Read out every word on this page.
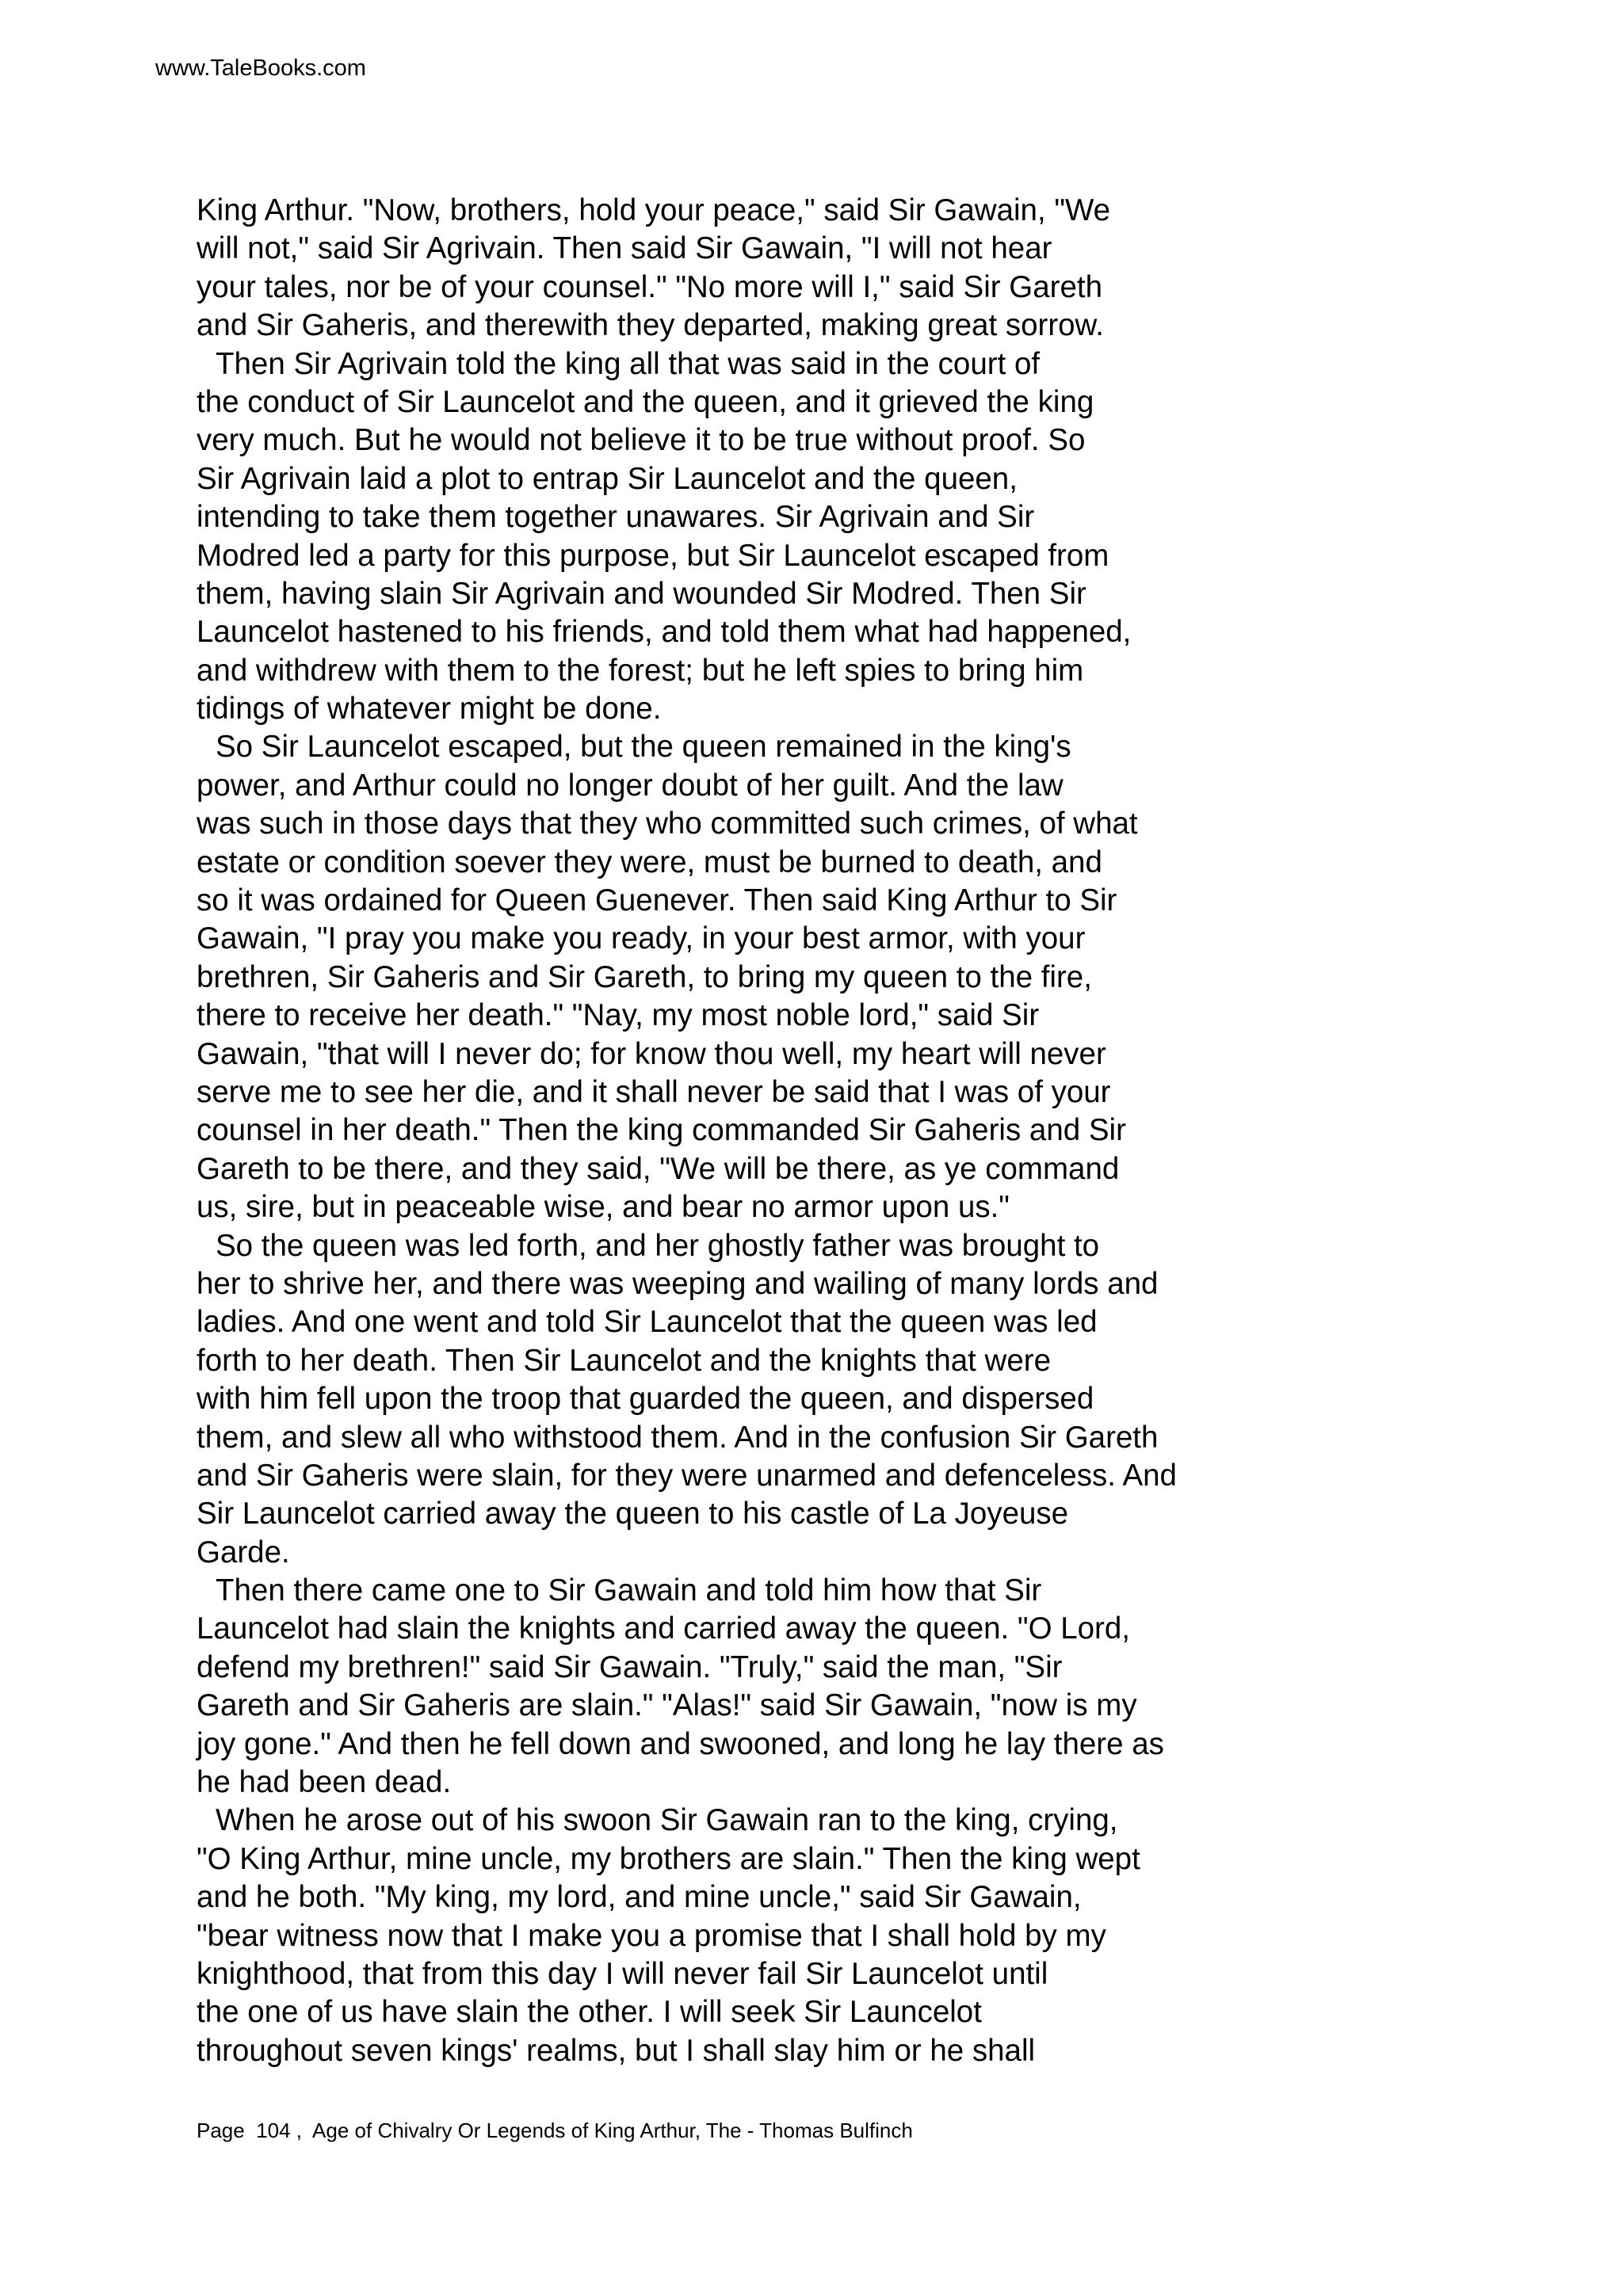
www.TaleBooks.com
King Arthur. "Now, brothers, hold your peace," said Sir Gawain, "We
will not," said Sir Agrivain. Then said Sir Gawain, "I will not hear
your tales, nor be of your counsel." "No more will I," said Sir Gareth
and Sir Gaheris, and therewith they departed, making great sorrow.
Then Sir Agrivain told the king all that was said in the court of
the conduct of Sir Launcelot and the queen, and it grieved the king
very much. But he would not believe it to be true without proof. So
Sir Agrivain laid a plot to entrap Sir Launcelot and the queen,
intending to take them together unawares. Sir Agrivain and Sir
Modred led a party for this purpose, but Sir Launcelot escaped from
them, having slain Sir Agrivain and wounded Sir Modred. Then Sir
Launcelot hastened to his friends, and told them what had happened,
and withdrew with them to the forest; but he left spies to bring him
tidings of whatever might be done.
So Sir Launcelot escaped, but the queen remained in the king's
power, and Arthur could no longer doubt of her guilt. And the law
was such in those days that they who committed such crimes, of what
estate or condition soever they were, must be burned to death, and
so it was ordained for Queen Guenever. Then said King Arthur to Sir
Gawain, "I pray you make you ready, in your best armor, with your
brethren, Sir Gaheris and Sir Gareth, to bring my queen to the fire,
there to receive her death." "Nay, my most noble lord," said Sir
Gawain, "that will I never do; for know thou well, my heart will never
serve me to see her die, and it shall never be said that I was of your
counsel in her death." Then the king commanded Sir Gaheris and Sir
Gareth to be there, and they said, "We will be there, as ye command
us, sire, but in peaceable wise, and bear no armor upon us."
So the queen was led forth, and her ghostly father was brought to
her to shrive her, and there was weeping and wailing of many lords and
ladies. And one went and told Sir Launcelot that the queen was led
forth to her death. Then Sir Launcelot and the knights that were
with him fell upon the troop that guarded the queen, and dispersed
them, and slew all who withstood them. And in the confusion Sir Gareth
and Sir Gaheris were slain, for they were unarmed and defenceless. And
Sir Launcelot carried away the queen to his castle of La Joyeuse
Garde.
Then there came one to Sir Gawain and told him how that Sir
Launcelot had slain the knights and carried away the queen. "O Lord,
defend my brethren!" said Sir Gawain. "Truly," said the man, "Sir
Gareth and Sir Gaheris are slain." "Alas!" said Sir Gawain, "now is my
joy gone." And then he fell down and swooned, and long he lay there as
he had been dead.
When he arose out of his swoon Sir Gawain ran to the king, crying,
"O King Arthur, mine uncle, my brothers are slain." Then the king wept
and he both. "My king, my lord, and mine uncle," said Sir Gawain,
"bear witness now that I make you a promise that I shall hold by my
knighthood, that from this day I will never fail Sir Launcelot until
the one of us have slain the other. I will seek Sir Launcelot
throughout seven kings' realms, but I shall slay him or he shall
Page 104 ,  Age of Chivalry Or Legends of King Arthur, The - Thomas Bulfinch
